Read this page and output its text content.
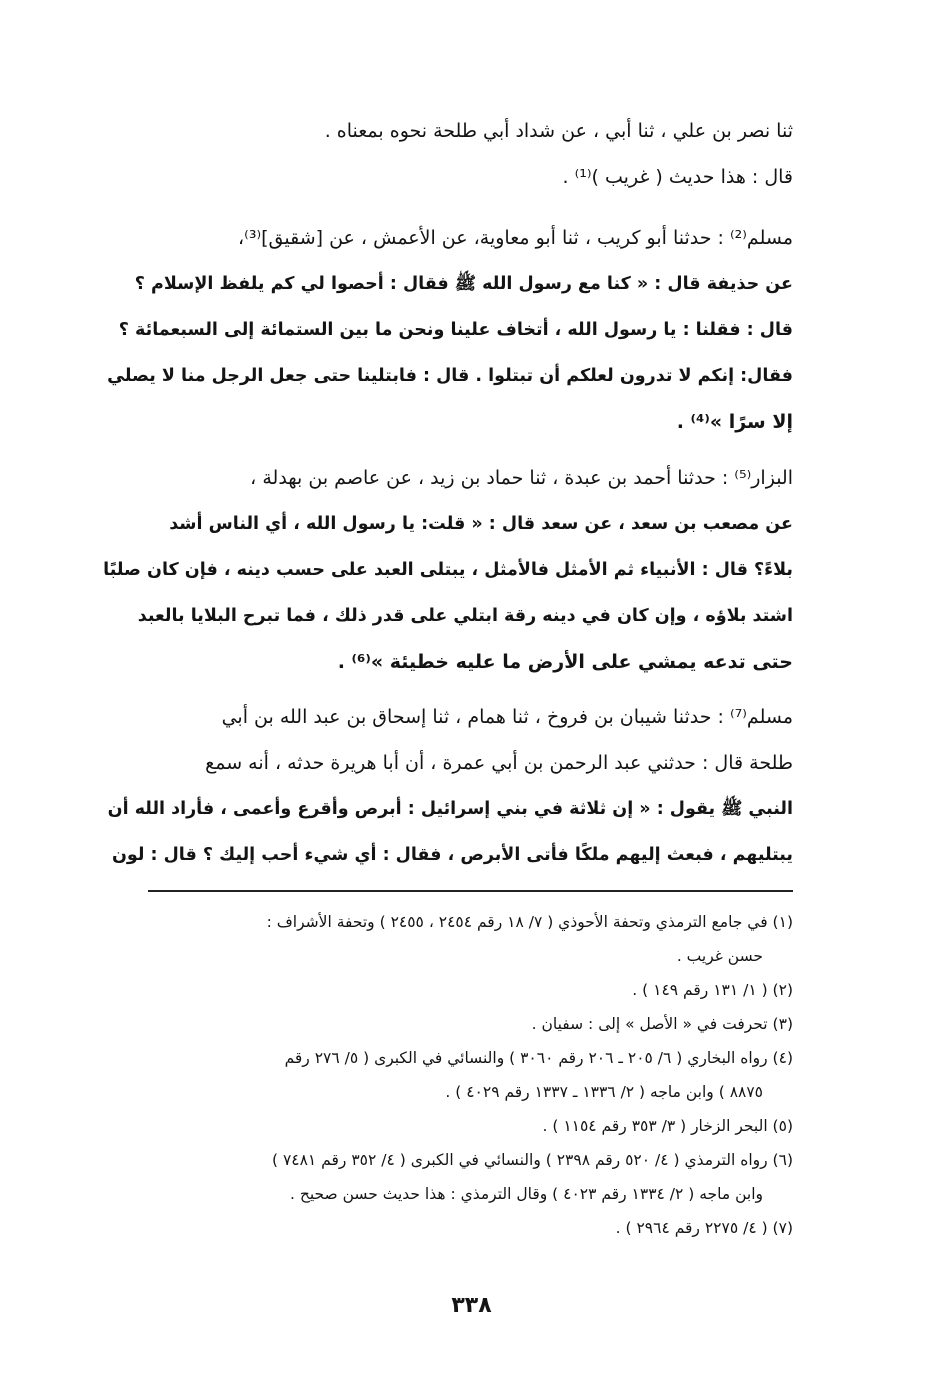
ثنا نصر بن علي ، ثنا أبي ، عن شداد أبي طلحة نحوه بمعناه .
قال : هذا حديث ( غريب )⁽¹⁾ .
مسلم⁽²⁾ : حدثنا أبو كريب ، ثنا أبو معاوية، عن الأعمش ، عن [شقيق]⁽³⁾،
عن حذيفة قال : « كنا مع رسول الله ﷺ فقال : أحصوا لي كم يلفظ الإسلام ؟
قال : فقلنا : يا رسول الله ، أتخاف علينا ونحن ما بين الستمائة إلى السبعمائة ؟
فقال: إنكم لا تدرون لعلكم أن تبتلوا . قال : فابتلينا حتى جعل الرجل منا لا يصلي
إلا سرًا »⁽⁴⁾ .
البزار⁽⁵⁾ : حدثنا أحمد بن عبدة ، ثنا حماد بن زيد ، عن عاصم بن بهدلة ،
عن مصعب بن سعد ، عن سعد قال : « قلت: يا رسول الله ، أي الناس أشد
بلاءً؟ قال : الأنبياء ثم الأمثل فالأمثل ، يبتلى العبد على حسب دينه ، فإن كان صلبًا
اشتد بلاؤه ، وإن كان في دينه رقة ابتلي على قدر ذلك ، فما تبرح البلايا بالعبد
حتى تدعه يمشي على الأرض ما عليه خطيئة »⁽⁶⁾ .
مسلم⁽⁷⁾ : حدثنا شيبان بن فروخ ، ثنا همام ، ثنا إسحاق بن عبد الله بن أبي
طلحة قال : حدثني عبد الرحمن بن أبي عمرة ، أن أبا هريرة حدثه ، أنه سمع
النبي ﷺ يقول : « إن ثلاثة في بني إسرائيل : أبرص وأقرع وأعمى ، فأراد الله أن
يبتليهم ، فبعث إليهم ملكًا فأتى الأبرص ، فقال : أي شيء أحب إليك ؟ قال : لون
(١) في جامع الترمذي وتحفة الأحوذي ( ٧/ ١٨ رقم ٢٤٥٤ ، ٢٤٥٥ ) وتحفة الأشراف :
حسن غريب .
(٢) ( ١/ ١٣١ رقم ١٤٩ ) .
(٣) تحرفت في « الأصل » إلى : سفيان .
(٤) رواه البخاري ( ٦/ ٢٠٥ ـ ٢٠٦ رقم ٣٠٦٠ ) والنسائي في الكبرى ( ٥/ ٢٧٦ رقم
٨٨٧٥ ) وابن ماجه ( ٢/ ١٣٣٦ ـ ١٣٣٧ رقم ٤٠٢٩ ) .
(٥) البحر الزخار ( ٣/ ٣٥٣ رقم ١١٥٤ ) .
(٦) رواه الترمذي ( ٤/ ٥٢٠ رقم ٢٣٩٨ ) والنسائي في الكبرى ( ٤/ ٣٥٢ رقم ٧٤٨١ )
وابن ماجه ( ٢/ ١٣٣٤ رقم ٤٠٢٣ ) وقال الترمذي : هذا حديث حسن صحيح .
(٧) ( ٤/ ٢٢٧٥ رقم ٢٩٦٤ ) .
٣٣٨
